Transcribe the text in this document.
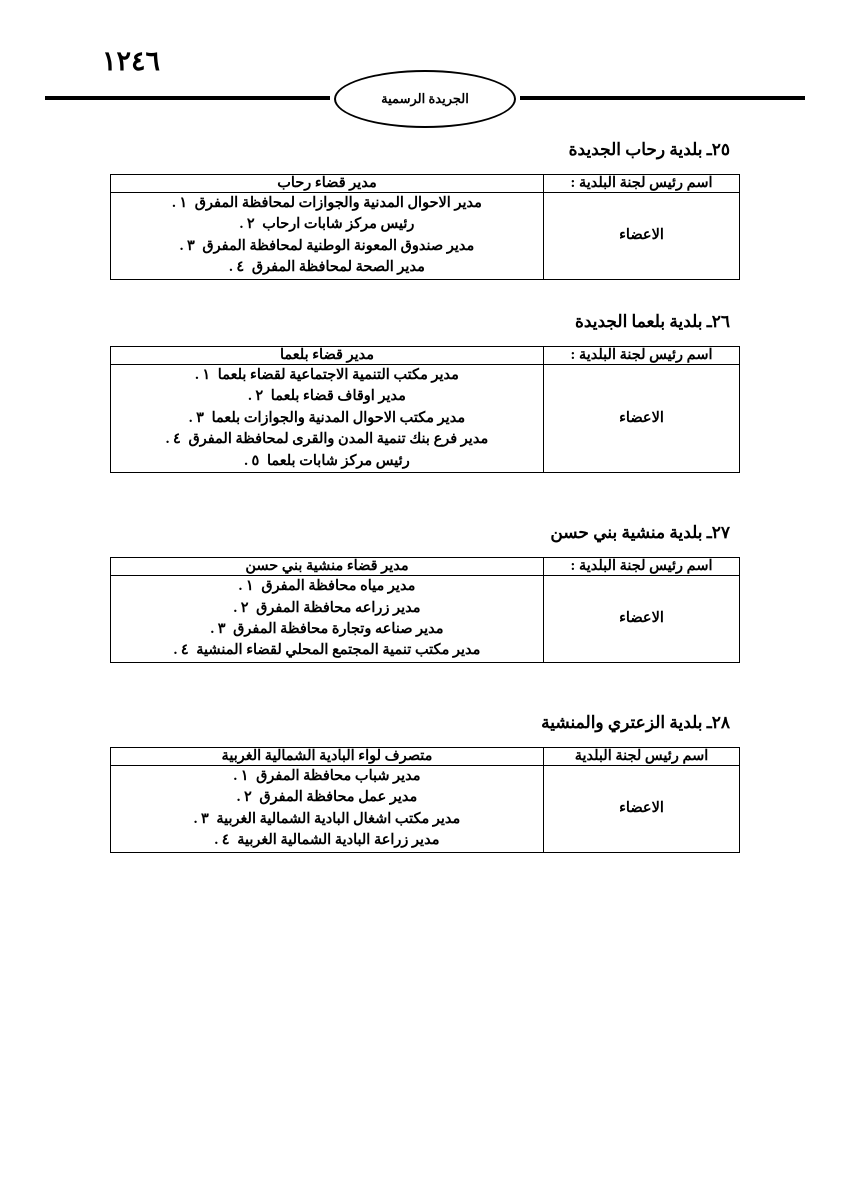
١٢٤٦
الجريدة الرسمية
٢٥ـ بلدية رحاب الجديدة
اسم رئيس لجنة البلدية :	مدير قضاء رحاب
الاعضاء	
مدير الاحوال المدنية والجوازات لمحافظة المفرق ١ .
رئيس مركز شابات ارحاب ٢ .
مدير صندوق المعونة الوطنية لمحافظة المفرق ٣ .
مدير الصحة لمحافظة المفرق ٤ .
٢٦ـ بلدية بلعما الجديدة
اسم رئيس لجنة البلدية :	مدير قضاء بلعما
الاعضاء	
مدير مكتب التنمية الاجتماعية لقضاء بلعما ١ .
مدير اوقاف قضاء بلعما ٢ .
مدير مكتب الاحوال المدنية والجوازات بلعما ٣ .
مدير فرع بنك تنمية المدن والقرى لمحافظة المفرق ٤ .
رئيس مركز شابات بلعما ٥ .
٢٧ـ بلدية منشية بني حسن
اسم رئيس لجنة البلدية :	مدير قضاء منشية بني حسن
الاعضاء	
مدير مياه محافظة المفرق ١ .
مدير زراعه محافظة المفرق ٢ .
مدير صناعه وتجارة محافظة المفرق ٣ .
مدير مكتب تنمية المجتمع المحلي لقضاء المنشية ٤ .
٢٨ـ بلدية الزعتري والمنشية
اسم رئيس لجنة البلدية	متصرف لواء البادية الشمالية الغربية
الاعضاء	
مدير شباب محافظة المفرق ١ .
مدير عمل محافظة المفرق ٢ .
مدير مكتب اشغال البادية الشمالية الغربية ٣ .
مدير زراعة البادية الشمالية الغربية ٤ .
